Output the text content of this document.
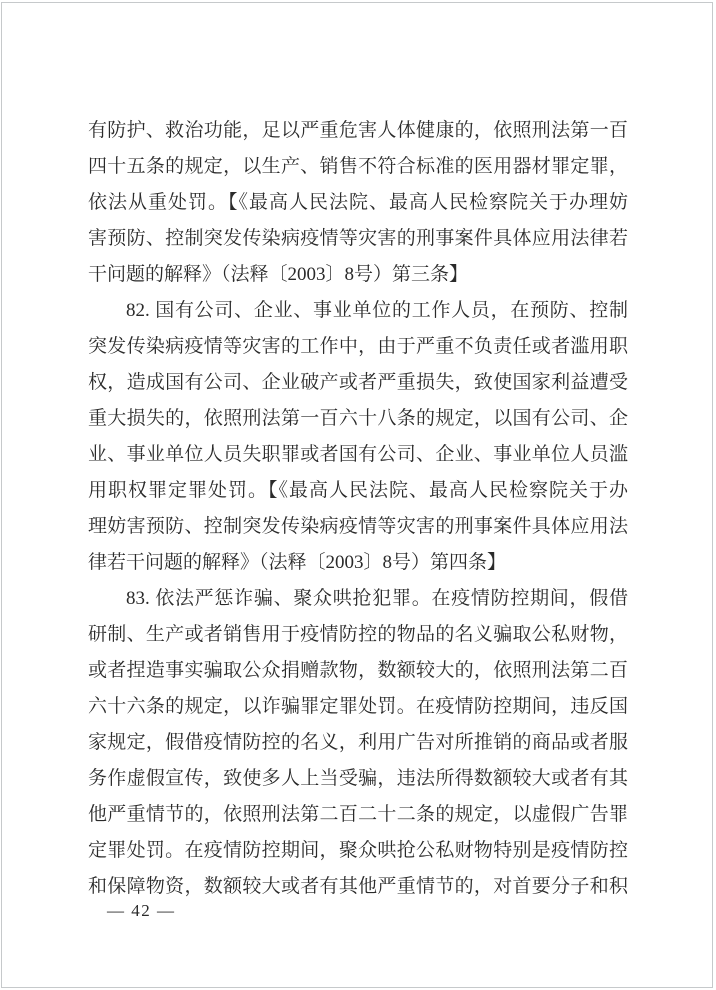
有防护、救治功能，足以严重危害人体健康的，依照刑法第一百
四十五条的规定，以生产、销售不符合标准的医用器材罪定罪，
依法从重处罚。【《最高人民法院、最高人民检察院关于办理妨
害预防、控制突发传染病疫情等灾害的刑事案件具体应用法律若
干问题的解释》（法释〔2003〕8号）第三条】
82. 国有公司、企业、事业单位的工作人员，在预防、控制
突发传染病疫情等灾害的工作中，由于严重不负责任或者滥用职
权，造成国有公司、企业破产或者严重损失，致使国家利益遭受
重大损失的，依照刑法第一百六十八条的规定，以国有公司、企
业、事业单位人员失职罪或者国有公司、企业、事业单位人员滥
用职权罪定罪处罚。【《最高人民法院、最高人民检察院关于办
理妨害预防、控制突发传染病疫情等灾害的刑事案件具体应用法
律若干问题的解释》（法释〔2003〕8号）第四条】
83. 依法严惩诈骗、聚众哄抢犯罪。在疫情防控期间，假借
研制、生产或者销售用于疫情防控的物品的名义骗取公私财物，
或者捏造事实骗取公众捐赠款物，数额较大的，依照刑法第二百
六十六条的规定，以诈骗罪定罪处罚。在疫情防控期间，违反国
家规定，假借疫情防控的名义，利用广告对所推销的商品或者服
务作虚假宣传，致使多人上当受骗，违法所得数额较大或者有其
他严重情节的，依照刑法第二百二十二条的规定，以虚假广告罪
定罪处罚。在疫情防控期间，聚众哄抢公私财物特别是疫情防控
和保障物资，数额较大或者有其他严重情节的，对首要分子和积
— 42 —
